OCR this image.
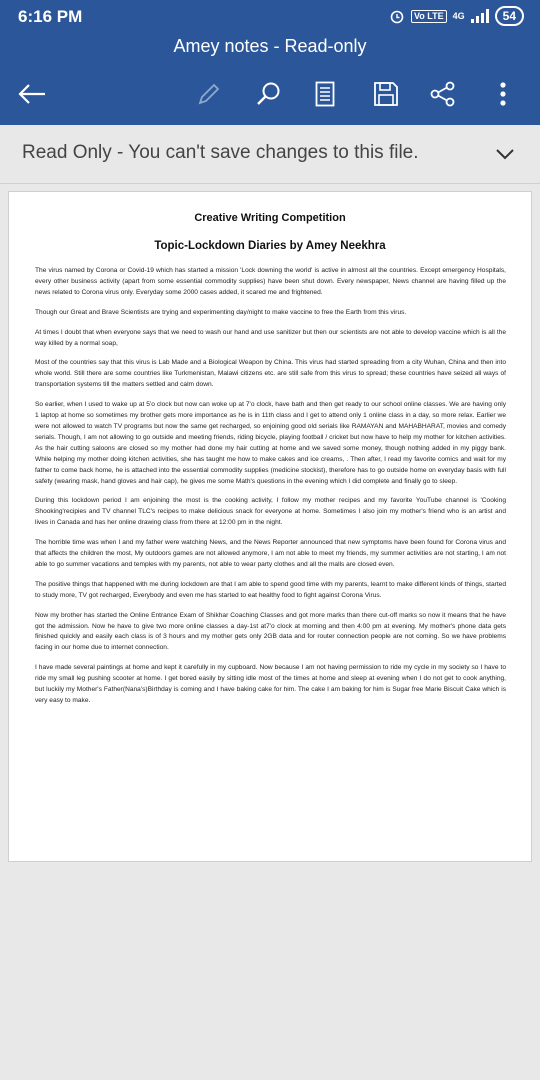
6:16 PM	Vo LTE	4G	54
Amey notes - Read-only
Read Only - You can't save changes to this file.
Creative Writing Competition
Topic-Lockdown Diaries by Amey Neekhra

The virus named by Corona or Covid-19 which has started a mission 'Lock downing the world' is active in almost all the countries. Except emergency Hospitals, every other business activity (apart from some essential commodity supplies) have been shut down. Every newspaper, News channel are having filled up the news related to Corona virus only. Everyday some 2000 cases added, it scared me and frightened.

Though our Great and Brave Scientists are trying and experimenting day/night to make vaccine to free the Earth from this virus.

At times I doubt that when everyone says that we need to wash our hand and use sanitizer but then our scientists are not able to develop vaccine which is all the way killed by a normal soap,

Most of the countries say that this virus is Lab Made and a Biological Weapon by China. This virus had started spreading from a city Wuhan, China and then into whole world. Still there are some countries like Turkmenistan, Malawi citizens etc. are still safe from this virus to spread; these countries have seized all ways of transportation systems till the matters settled and calm down.

So earlier, when I used to wake up at 5'o clock but now can woke up at 7'o clock, have bath and then get ready to our school online classes. We are having only 1 laptop at home so sometimes my brother gets more importance as he is in 11th class and I get to attend only 1 online class in a day, so more relax. Earlier we were not allowed to watch TV programs but now the same get recharged, so enjoining good old serials like RAMAYAN and MAHABHARAT, movies and comedy serials. Though, I am not allowing to go outside and meeting friends, riding bicycle, playing football / cricket but now have to help my mother for kitchen activities. As the hair cutting saloons are closed so my mother had done my hair cutting at home and we saved some money, though nothing added in my piggy bank. While helping my mother doing kitchen activities, she has taught me how to make cakes and ice creams, . Then after, I read my favorite comics and wait for my father to come back home, he is attached into the essential commodity supplies (medicine stockist), therefore has to go outside home on everyday basis with full safety (wearing mask, hand gloves and hair cap), he gives me some Math's questions in the evening which I did complete and finally go to sleep.

During this lockdown period I am enjoining the most is the cooking activity, I follow my mother recipes and my favorite YouTube channel is 'Cooking Shooking'recipies and TV channel TLC's recipes to make delicious snack for everyone at home. Sometimes I also join my mother's friend who is an artist and lives in Canada and has her online drawing class from there at 12:00 pm in the night.

The horrible time was when I and my father were watching News, and the News Reporter announced that new symptoms have been found for Corona virus and that affects the children the most, My outdoors games are not allowed anymore, I am not able to meet my friends, my summer activities are not starting, I am not able to go summer vacations and temples with my parents, not able to wear party clothes and all the malls are closed even.

The positive things that happened with me during lockdown are that I am able to spend good time with my parents, learnt to make different kinds of things, started to study more, TV got recharged, Everybody and even me has started to eat healthy food to fight against Corona Virus.

Now my brother has started the Online Entrance Exam of Shikhar Coaching Classes and got more marks than there cut-off marks so now it means that he have got the admission. Now he have to give two more online classes a day-1st at7'o clock at morning and then 4:00 pm at evening. My mother's phone data gets finished quickly and easily each class is of 3 hours and my mother gets only 2GB data and for router connection people are not coming. So we have problems facing in our home due to internet connection.

I have made several paintings at home and kept it carefully in my cupboard. Now because I am not having permission to ride my cycle in my society so I have to ride my small leg pushing scooter at home. I get bored easily by sitting idle most of the times at home and sleep at evening when I do not get to cook anything, but luckily my Mother's Father(Nana's)Birthday is coming and I have baking cake for him. The cake I am baking for him is Sugar free Marie Biscuit Cake which is very easy to make.
